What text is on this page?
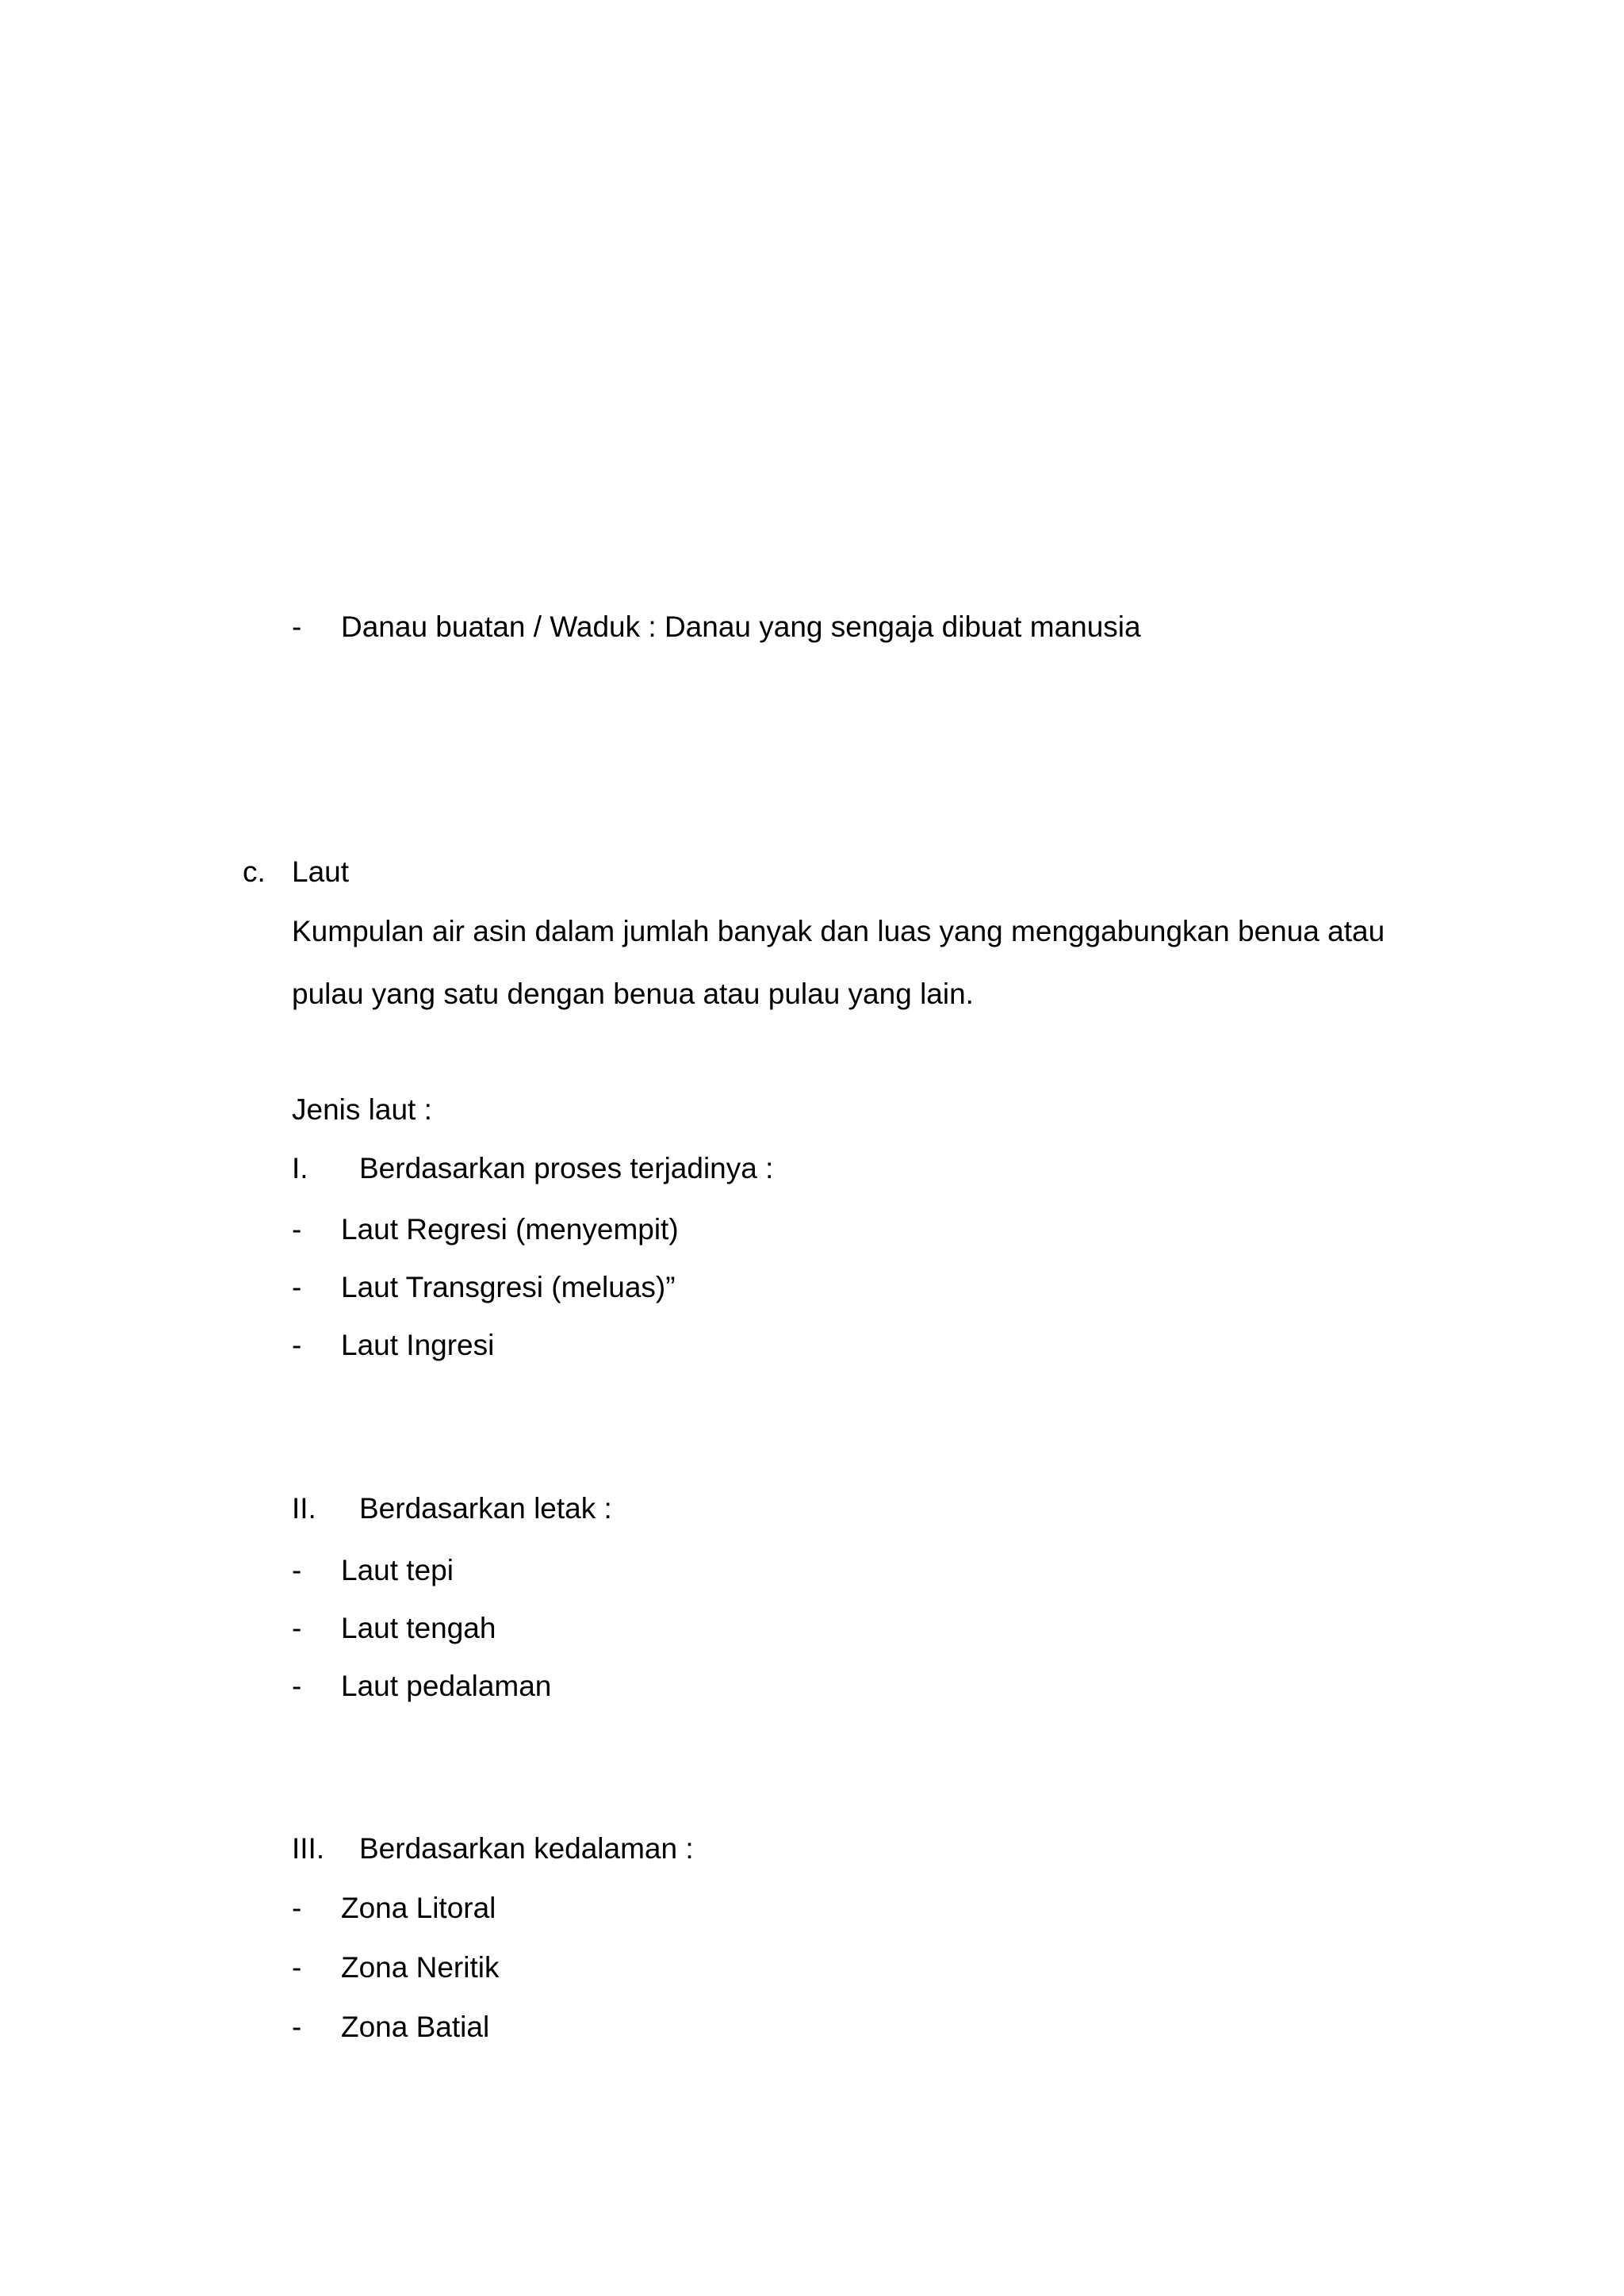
- Danau buatan / Waduk : Danau yang sengaja dibuat manusia

c. Laut

Kumpulan air asin dalam jumlah banyak dan luas yang menggabungkan benua atau

pulau yang satu dengan benua atau pulau yang lain.

Jenis laut :

I. Berdasarkan proses terjadinya :

- Laut Regresi (menyempit)

- Laut Transgresi (meluas)”

- Laut Ingresi

II. Berdasarkan letak :

- Laut tepi

- Laut tengah

- Laut pedalaman

III. Berdasarkan kedalaman :

- Zona Litoral

- Zona Neritik

- Zona Batial
